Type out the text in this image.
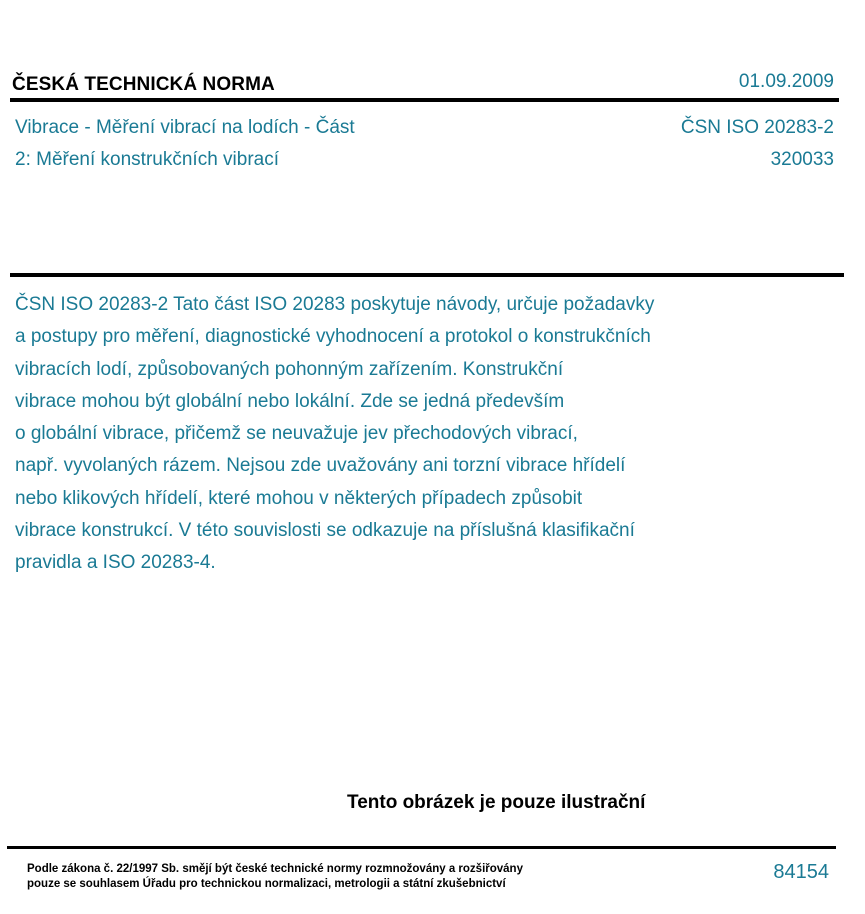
ČESKÁ TECHNICKÁ NORMA	01.09.2009
Vibrace - Měření vibrací na lodích - Část
2: Měření konstrukčních vibrací
ČSN ISO 20283-2
320033
ČSN ISO 20283-2 Tato část ISO 20283 poskytuje návody, určuje požadavky
a postupy pro měření, diagnostické vyhodnocení a protokol o konstrukčních
vibracích lodí, způsobovaných pohonným zařízením. Konstrukční
vibrace mohou být globální nebo lokální. Zde se jedná především
o globální vibrace, přičemž se neuvažuje jev přechodových vibrací,
např. vyvolaných rázem. Nejsou zde uvažovány ani torzní vibrace hřídelí
nebo klikových hřídelí, které mohou v některých případech způsobit
vibrace konstrukcí. V této souvislosti se odkazuje na příslušná klasifikační
pravidla a ISO 20283-4.
Tento obrázek je pouze ilustrační
Podle zákona č. 22/1997 Sb. smějí být české technické normy rozmnožovány a rozšiřovány
pouze se souhlasem Úřadu pro technickou normalizaci, metrologii a státní zkušebnictví
84154
